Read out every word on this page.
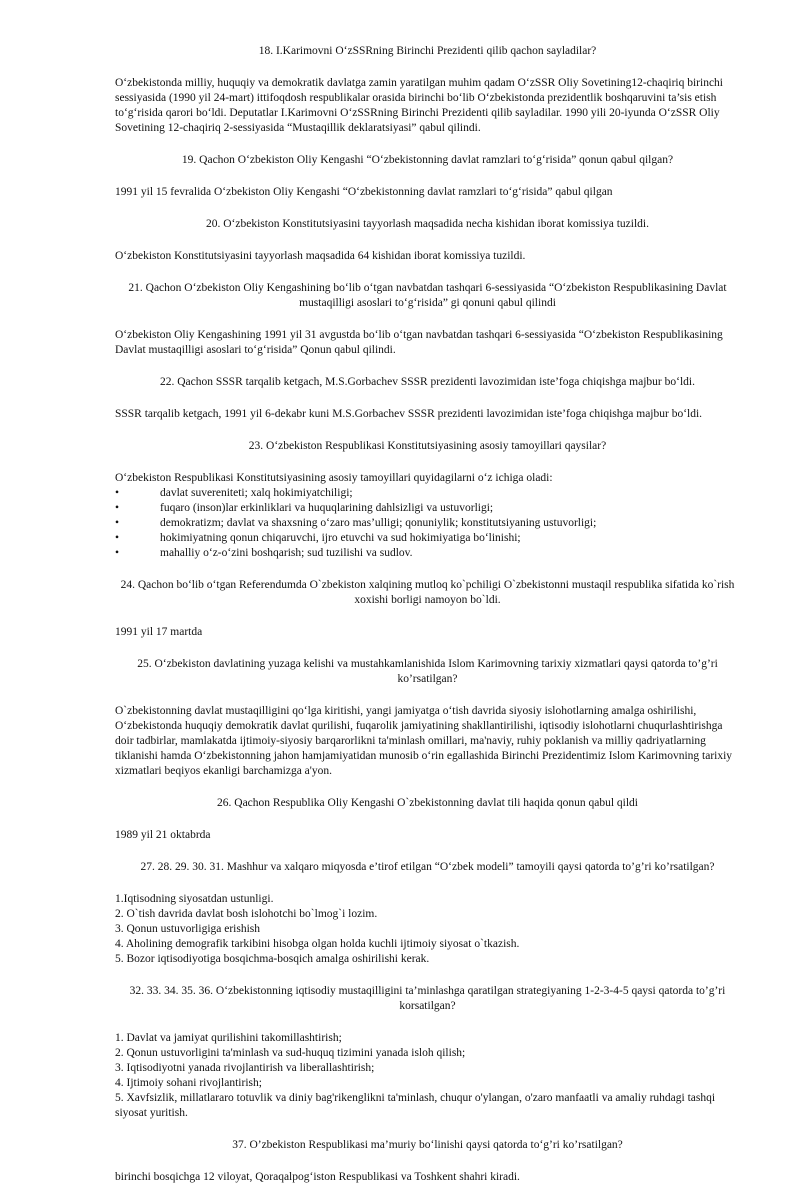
18. I.Karimovni O‘zSSRning Birinchi Prezidenti qilib qachon sayladilar?

O‘zbekistonda milliy, huquqiy va demokratik davlatga zamin yaratilgan muhim qadam O‘zSSR Oliy Sovetining12-chaqiriq birinchi sessiyasida (1990 yil 24-mart) ittifoqdosh respublikalar orasida birinchi bo‘lib O‘zbekistonda prezidentlik boshqaruvini ta’sis etish to‘g‘risida qarori bo‘ldi. Deputatlar I.Karimovni O‘zSSRning Birinchi Prezidenti qilib sayladilar. 1990 yili 20-iyunda O‘zSSR Oliy Sovetining 12-chaqiriq 2-sessiyasida “Mustaqillik deklaratsiyasi” qabul qilindi.

19. Qachon O‘zbekiston Oliy Kengashi “O‘zbekistonning davlat ramzlari to‘g‘risida” qonun qabul qilgan?

1991 yil 15 fevralida O‘zbekiston Oliy Kengashi “O‘zbekistonning davlat ramzlari to‘g‘risida” qabul qilgan

20. O‘zbekiston Konstitutsiyasini tayyorlash maqsadida necha kishidan iborat komissiya tuzildi.

O‘zbekiston Konstitutsiyasini tayyorlash maqsadida 64 kishidan iborat komissiya tuzildi.

21. Qachon O‘zbekiston Oliy Kengashining bo‘lib o‘tgan navbatdan tashqari 6-sessiyasida “O‘zbekiston Respublikasining Davlat mustaqilligi asoslari to‘g‘risida” gi qonuni qabul qilindi

O‘zbekiston Oliy Kengashining 1991 yil 31 avgustda bo‘lib o‘tgan navbatdan tashqari 6-sessiyasida “O‘zbekiston Respublikasining Davlat mustaqilligi asoslari to‘g‘risida” Qonun qabul qilindi.

22. Qachon SSSR tarqalib ketgach, M.S.Gorbachev SSSR prezidenti lavozimidan iste’foga chiqishga majbur bo‘ldi.

SSSR tarqalib ketgach, 1991 yil 6-dekabr kuni M.S.Gorbachev SSSR prezidenti lavozimidan iste’foga chiqishga majbur bo‘ldi.

23. O‘zbekiston Respublikasi Konstitutsiyasining asosiy tamoyillari qaysilar?

O‘zbekiston Respublikasi Konstitutsiyasining asosiy tamoyillari quyidagilarni o‘z ichiga oladi:

• davlat suvereniteti; xalq hokimiyatchiligi;
• fuqaro (inson)lar erkinliklari va huquqlarining dahlsizligi va ustuvorligi;
• demokratizm; davlat va shaxsning o‘zaro mas’ulligi; qonuniylik; konstitutsiyaning ustuvorligi;
• hokimiyatning qonun chiqaruvchi, ijro etuvchi va sud hokimiyatiga bo‘linishi;
• mahalliy o‘z-o‘zini boshqarish; sud tuzilishi va sudlov.

24. Qachon bo‘lib o‘tgan Referendumda O`zbekiston xalqining mutloq ko`pchiligi O`zbekistonni mustaqil respublika sifatida ko`rish xoxishi borligi namoyon bo`ldi.

1991 yil 17 martda

25. O‘zbekiston davlatining yuzaga kelishi va mustahkamlanishida Islom Karimovning tarixiy xizmatlari qaysi qatorda to’g’ri ko’rsatilgan?

O`zbekistonning davlat mustaqilligini qo‘lga kiritishi, yangi jamiyatga o‘tish davrida siyosiy islohotlarning amalga oshirilishi, O‘zbekistonda huquqiy demokratik davlat qurilishi, fuqarolik jamiyatining shakllantirilishi, iqtisodiy islohotlarni chuqurlashtirishga doir tadbirlar, mamlakatda ijtimoiy-siyosiy barqarorlikni ta'minlash omillari, ma'naviy, ruhiy poklanish va milliy qadriyatlarning tiklanishi hamda O‘zbekistonning jahon hamjamiyatidan munosib o‘rin egallashida Birinchi Prezidentimiz Islom Karimovning tarixiy xizmatlari beqiyos ekanligi barchamizga a'yon.

26. Qachon Respublika Oliy Kengashi O`zbekistonning davlat tili haqida qonun qabul qildi

1989 yil 21 oktabrda

27. 28. 29. 30. 31. Mashhur va xalqaro miqyosda e’tirof etilgan “O‘zbek modeli” tamoyili qaysi qatorda to’g’ri ko’rsatilgan?

1.Iqtisodning siyosatdan ustunligi.
2. O`tish davrida davlat bosh islohotchi bo`lmog`i lozim.
3. Qonun ustuvorligiga erishish
4. Aholining demografik tarkibini hisobga olgan holda kuchli ijtimoiy siyosat o`tkazish.
5. Bozor iqtisodiyotiga bosqichma-bosqich amalga oshirilishi kerak.

32. 33. 34. 35. 36. O‘zbekistonning iqtisodiy mustaqilligini ta’minlashga qaratilgan strategiyaning 1-2-3-4-5 qaysi qatorda to’g’ri korsatilgan?

1. Davlat va jamiyat qurilishini takomillashtirish;
2. Qonun ustuvorligini ta'minlash va sud-huquq tizimini yanada isloh qilish;
3. Iqtisodiyotni yanada rivojlantirish va liberallashtirish;
4. Ijtimoiy sohani rivojlantirish;
5. Xavfsizlik, millatlararo totuvlik va diniy bag'rikenglikni ta'minlash, chuqur o'ylangan, o'zaro manfaatli va amaliy ruhdagi tashqi siyosat yuritish.

37. O’zbekiston Respublikasi ma’muriy bo‘linishi qaysi qatorda to‘g’ri ko’rsatilgan?

birinchi bosqichga 12 viloyat, Qoraqalpog‘iston Respublikasi va Toshkent shahri kiradi.
